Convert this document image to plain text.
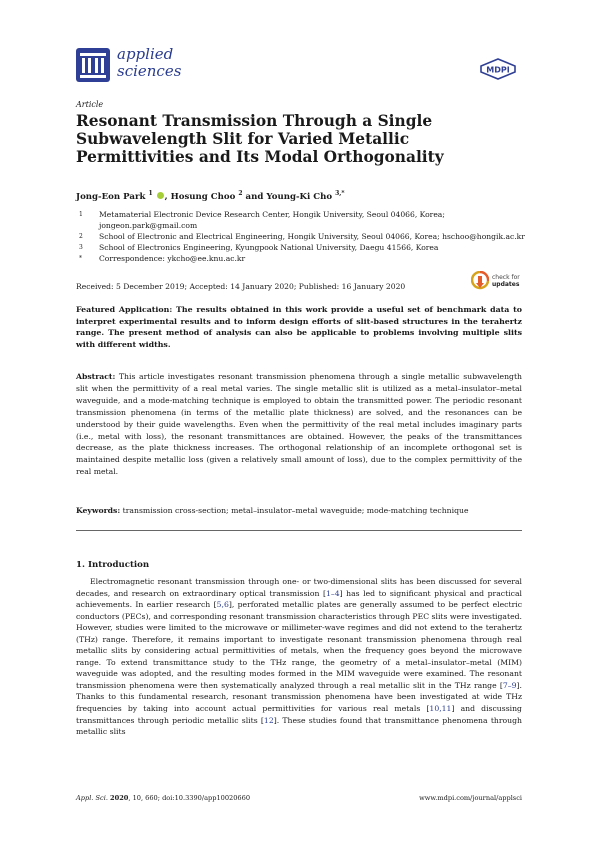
applied
sciences	MDPI
Article
Resonant Transmission Through a Single Subwavelength Slit for Varied Metallic Permittivities and Its Modal Orthogonality
Jong-Eon Park $^1$ , Hosung Choo $^2$ and Young-Ki Cho $^{3,*}$
1	Metamaterial Electronic Device Research Center, Hongik University, Seoul 04066, Korea; jongeon.park@gmail.com
2	School of Electronic and Electrical Engineering, Hongik University, Seoul 04066, Korea; hschoo@hongik.ac.kr
3	School of Electronics Engineering, Kyungpook National University, Daegu 41566, Korea
*	Correspondence: ykcho@ee.knu.ac.kr
Received: 5 December 2019; Accepted: 14 January 2020; Published: 16 January 2020
check for
updates

Featured Application: The results obtained in this work provide a useful set of benchmark data to interpret experimental results and to inform design efforts of slit-based structures in the terahertz range. The present method of analysis can also be applicable to problems involving multiple slits with different widths.

Abstract: This article investigates resonant transmission phenomena through a single metallic subwavelength slit when the permittivity of a real metal varies. The single metallic slit is utilized as a metal–insulator–metal waveguide, and a mode-matching technique is employed to obtain the transmitted power. The periodic resonant transmission phenomena (in terms of the metallic plate thickness) are solved, and the resonances can be understood by their guide wavelengths. Even when the permittivity of the real metal includes imaginary parts (i.e., metal with loss), the resonant transmittances are obtained. However, the peaks of the transmittances decrease, as the plate thickness increases. The orthogonal relationship of an incomplete orthogonal set is maintained despite metallic loss (given a relatively small amount of loss), due to the complex permittivity of the real metal.

Keywords: transmission cross-section; metal–insulator–metal waveguide; mode-matching technique

1. Introduction

Electromagnetic resonant transmission through one- or two-dimensional slits has been discussed for several decades, and research on extraordinary optical transmission [1–4] has led to significant physical and practical achievements. In earlier research [5,6], perforated metallic plates are generally assumed to be perfect electric conductors (PECs), and corresponding resonant transmission characteristics through PEC slits were investigated. However, studies were limited to the microwave or millimeter-wave regimes and did not extend to the terahertz (THz) range. Therefore, it remains important to investigate resonant transmission phenomena through real metallic slits by considering actual permittivities of metals, when the frequency goes beyond the microwave range. To extend transmittance study to the THz range, the geometry of a metal–insulator–metal (MIM) waveguide was adopted, and the resulting modes formed in the MIM waveguide were examined. The resonant transmission phenomena were then systematically analyzed through a real metallic slit in the THz range [7–9]. Thanks to this fundamental research, resonant transmission phenomena have been investigated at wide THz frequencies by taking into account actual permittivities for various real metals [10,11] and discussing transmittances through periodic metallic slits [12]. These studies found that transmittance phenomena through metallic slits

Appl. Sci. 2020, 10, 660; doi:10.3390/app10020660	www.mdpi.com/journal/applsci
